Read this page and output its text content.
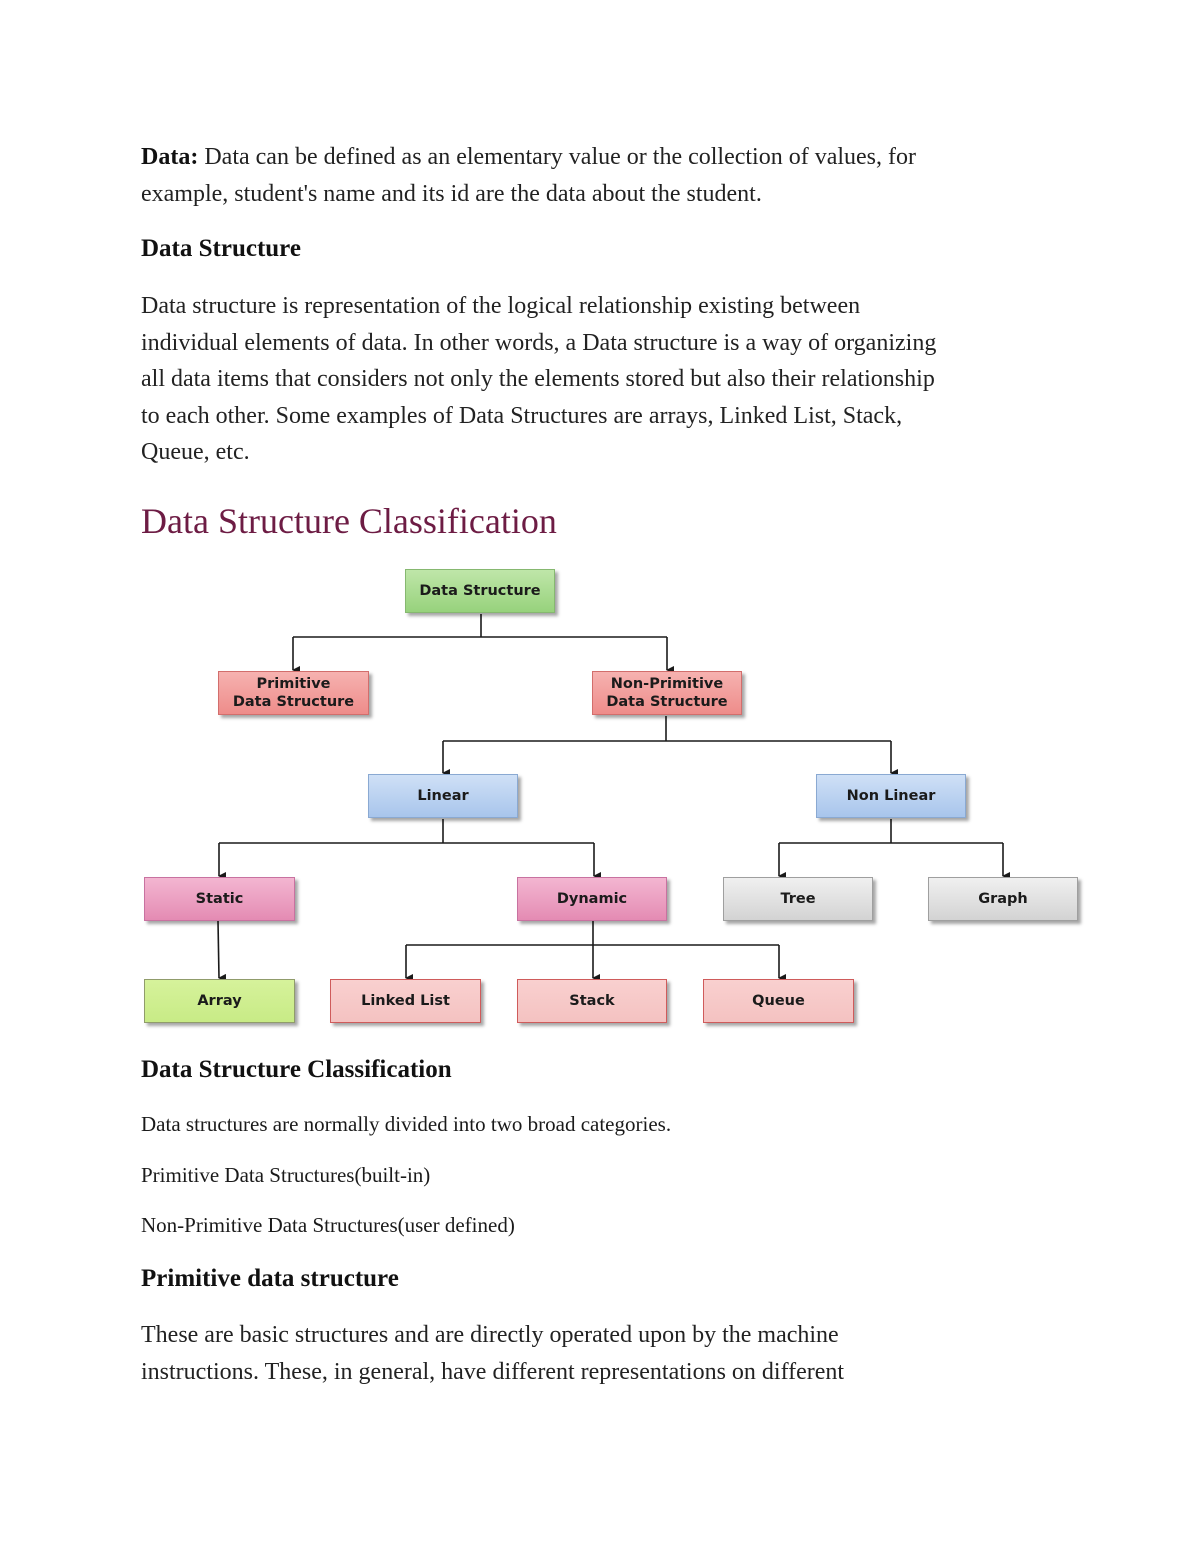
Data: Data can be defined as an elementary value or the collection of values, for
example, student's name and its id are the data about the student.

Data Structure

Data structure is representation of the logical relationship existing between
individual elements of data. In other words, a Data structure is a way of organizing
all data items that considers not only the elements stored but also their relationship
to each other. Some examples of Data Structures are arrays, Linked List, Stack,
Queue, etc.

Data Structure Classification
Data Structure
Primitive
Data Structure
Non-Primitive
Data Structure
Linear	Non Linear
Static	Dynamic	Tree	Graph
Array	Linked List	Stack	Queue
Data Structure Classification

Data structures are normally divided into two broad categories.

Primitive Data Structures(built-in)

Non-Primitive Data Structures(user defined)

Primitive data structure

These are basic structures and are directly operated upon by the machine
instructions. These, in general, have different representations on different
